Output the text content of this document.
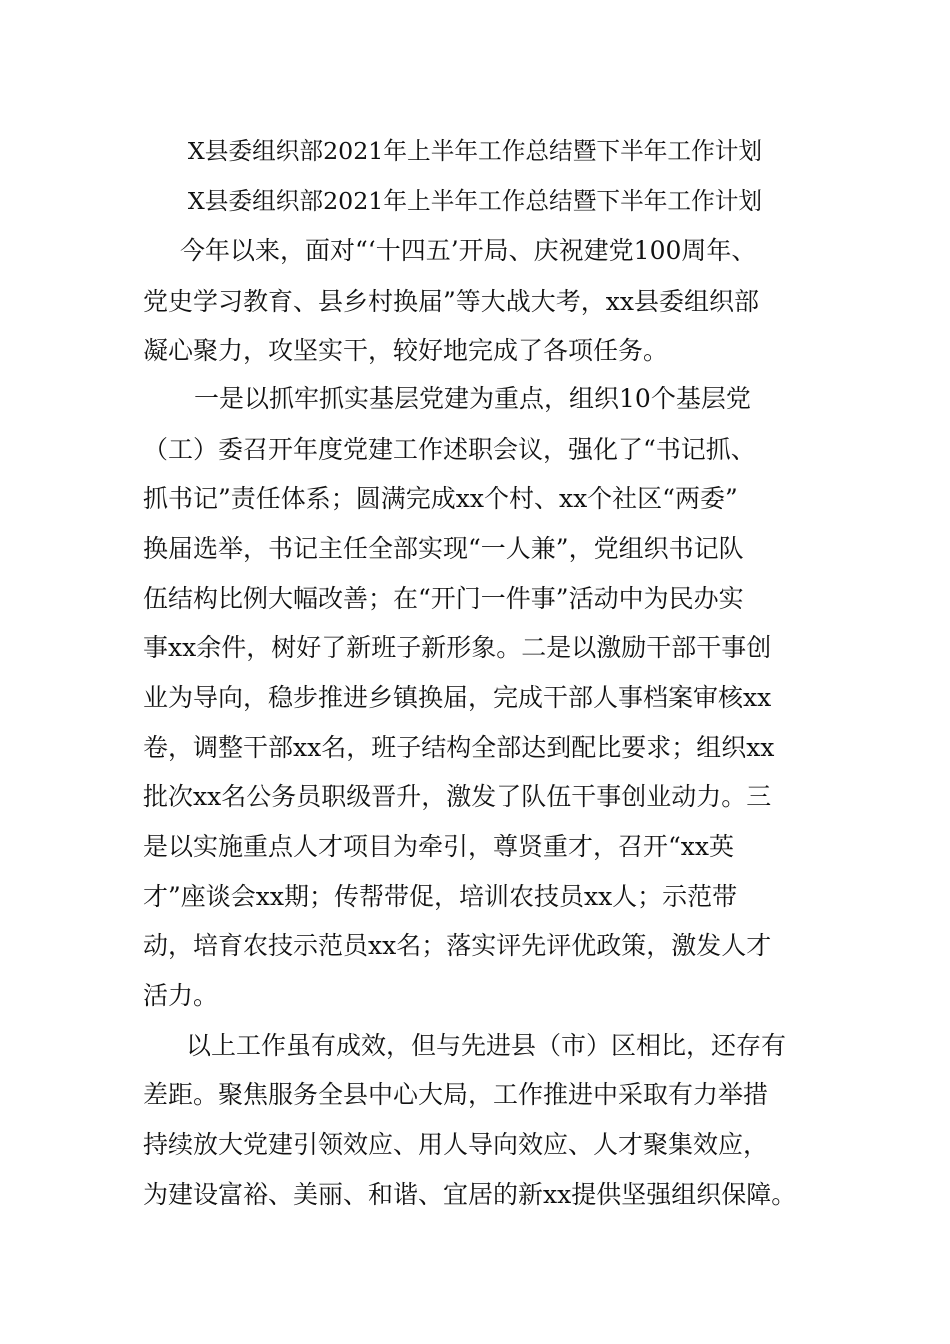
X县委组织部2021年上半年工作总结暨下半年工作计划
X县委组织部2021年上半年工作总结暨下半年工作计划
今年以来，面对“‘十四五’开局、庆祝建党100周年、
党史学习教育、县乡村换届”等大战大考，xx县委组织部
凝心聚力，攻坚实干，较好地完成了各项任务。
一是以抓牢抓实基层党建为重点，组织10个基层党
（工）委召开年度党建工作述职会议，强化了“书记抓、
抓书记”责任体系；圆满完成xx个村、xx个社区“两委”
换届选举，书记主任全部实现“一人兼”，党组织书记队
伍结构比例大幅改善；在“开门一件事”活动中为民办实
事xx余件，树好了新班子新形象。二是以激励干部干事创
业为导向，稳步推进乡镇换届，完成干部人事档案审核xx
卷，调整干部xx名，班子结构全部达到配比要求；组织xx
批次xx名公务员职级晋升，激发了队伍干事创业动力。三
是以实施重点人才项目为牵引，尊贤重才，召开“xx英
才”座谈会xx期；传帮带促，培训农技员xx人；示范带
动，培育农技示范员xx名；落实评先评优政策，激发人才
活力。
以上工作虽有成效，但与先进县（市）区相比，还存有
差距。聚焦服务全县中心大局，工作推进中采取有力举措
持续放大党建引领效应、用人导向效应、人才聚集效应，
为建设富裕、美丽、和谐、宜居的新xx提供坚强组织保障。
